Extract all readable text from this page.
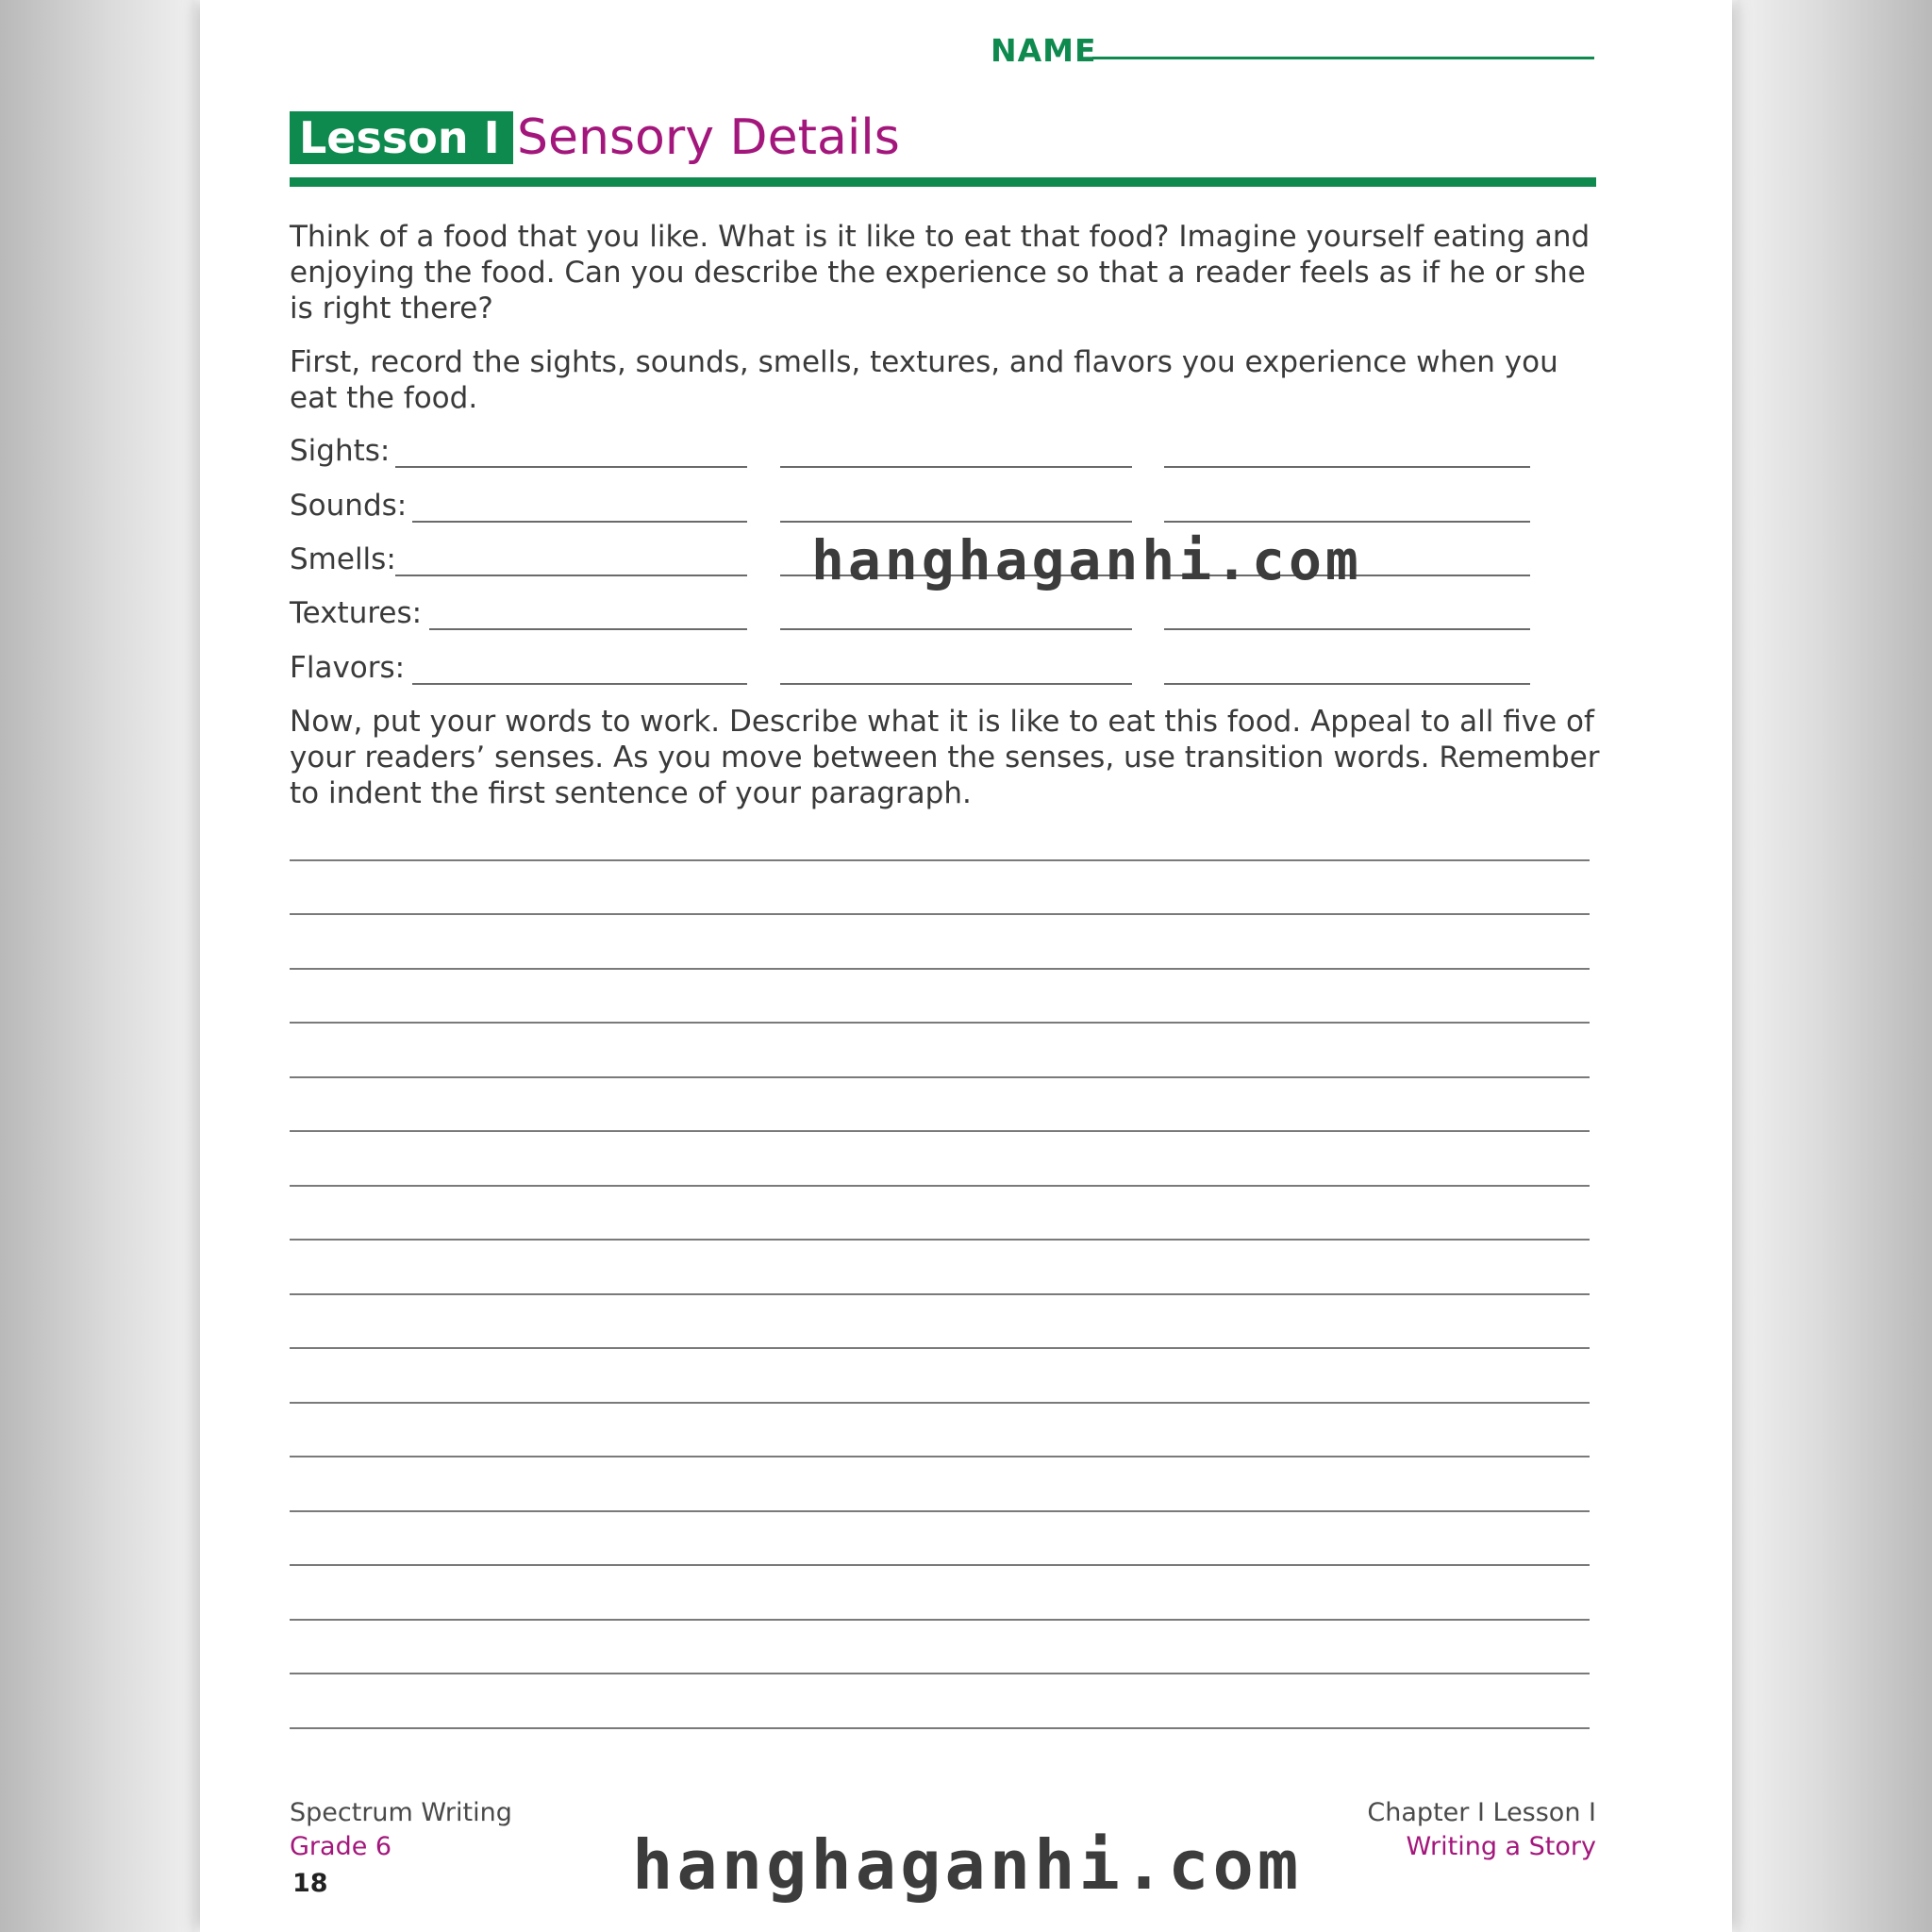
NAME
Lesson I Sensory Details

Think of a food that you like. What is it like to eat that food? Imagine yourself eating and enjoying the food. Can you describe the experience so that a reader feels as if he or she is right there?

First, record the sights, sounds, smells, textures, and flavors you experience when you eat the food.

Sights:
Sounds:
Smells:
Textures:
Flavors:

Now, put your words to work. Describe what it is like to eat this food. Appeal to all five of your readers’ senses. As you move between the senses, use transition words. Remember to indent the first sentence of your paragraph.

Spectrum Writing
Grade 6
18
Chapter I Lesson I
Writing a Story
hanghaganhi.com
hanghaganhi.com
